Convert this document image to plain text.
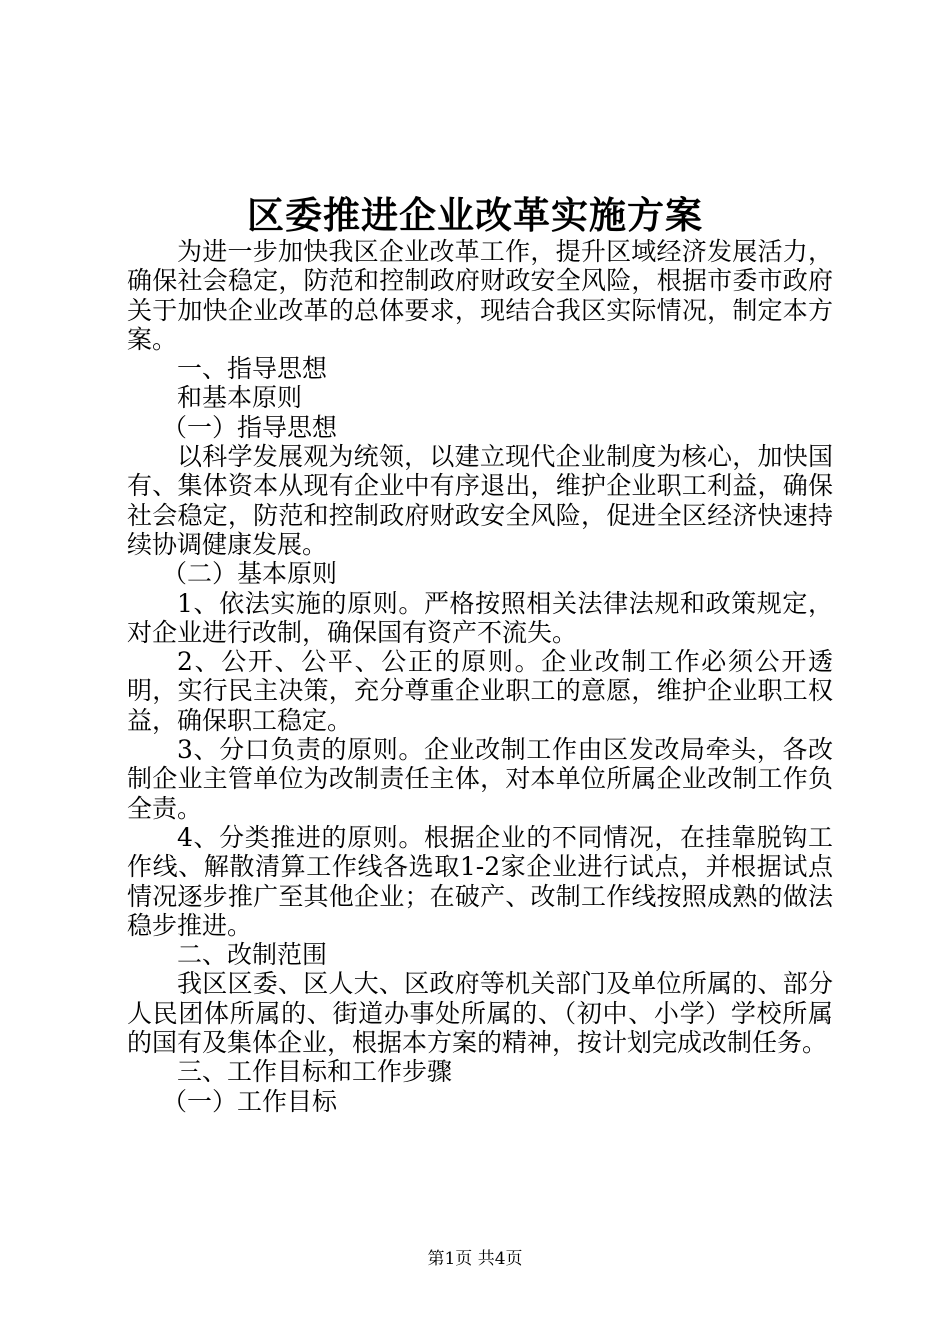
区委推进企业改革实施方案

为进一步加快我区企业改革工作，提升区域经济发展活力，确保社会稳定，防范和控制政府财政安全风险，根据市委市政府关于加快企业改革的总体要求，现结合我区实际情况，制定本方案。

一、指导思想

和基本原则

（一）指导思想

以科学发展观为统领，以建立现代企业制度为核心，加快国有、集体资本从现有企业中有序退出，维护企业职工利益，确保社会稳定，防范和控制政府财政安全风险，促进全区经济快速持续协调健康发展。

（二）基本原则

1、依法实施的原则。严格按照相关法律法规和政策规定，对企业进行改制，确保国有资产不流失。

2、公开、公平、公正的原则。企业改制工作必须公开透明，实行民主决策，充分尊重企业职工的意愿，维护企业职工权益，确保职工稳定。

3、分口负责的原则。企业改制工作由区发改局牵头，各改制企业主管单位为改制责任主体，对本单位所属企业改制工作负全责。

4、分类推进的原则。根据企业的不同情况，在挂靠脱钩工作线、解散清算工作线各选取1-2家企业进行试点，并根据试点情况逐步推广至其他企业；在破产、改制工作线按照成熟的做法稳步推进。

二、改制范围

我区区委、区人大、区政府等机关部门及单位所属的、部分人民团体所属的、街道办事处所属的、（初中、小学）学校所属的国有及集体企业，根据本方案的精神，按计划完成改制任务。

三、工作目标和工作步骤

（一）工作目标

第1页 共4页
